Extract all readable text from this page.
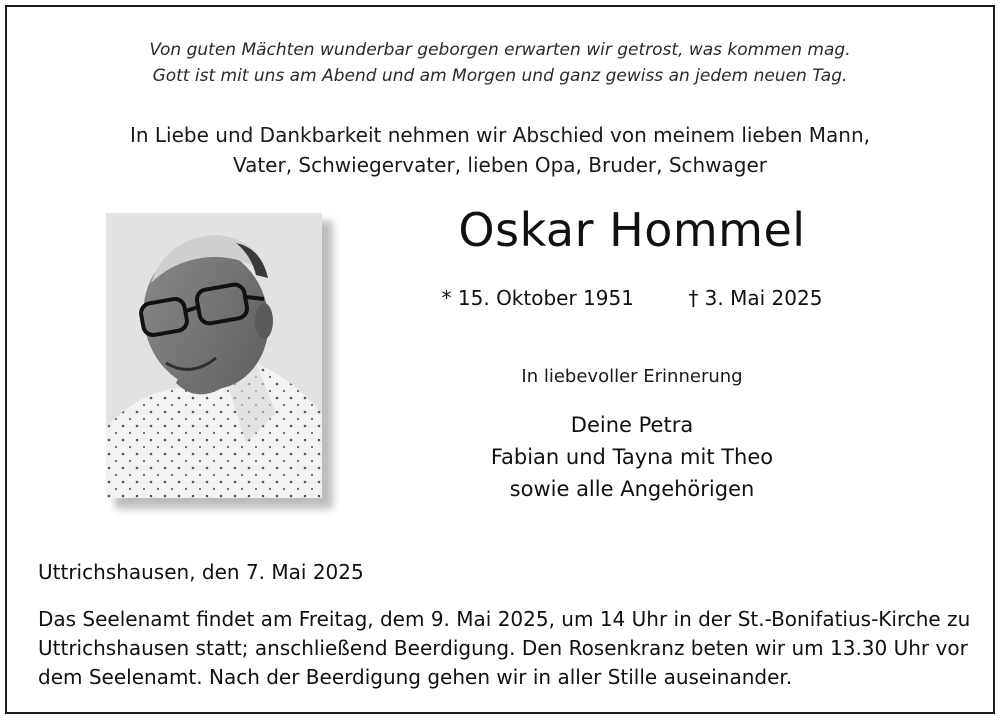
Von guten Mächten wunderbar geborgen erwarten wir getrost, was kommen mag.
Gott ist mit uns am Abend und am Morgen und ganz gewiss an jedem neuen Tag.
In Liebe und Dankbarkeit nehmen wir Abschied von meinem lieben Mann,
Vater, Schwiegervater, lieben Opa, Bruder, Schwager
Oskar Hommel
* 15. Oktober 1951	† 3. Mai 2025
In liebevoller Erinnerung
Deine Petra
Fabian und Tayna mit Theo
sowie alle Angehörigen
Uttrichshausen, den 7. Mai 2025
Das Seelenamt findet am Freitag, dem 9. Mai 2025, um 14 Uhr in der St.-Bonifatius-Kirche zu
Uttrichshausen statt; anschließend Beerdigung. Den Rosenkranz beten wir um 13.30 Uhr vor
dem Seelenamt. Nach der Beerdigung gehen wir in aller Stille auseinander.
